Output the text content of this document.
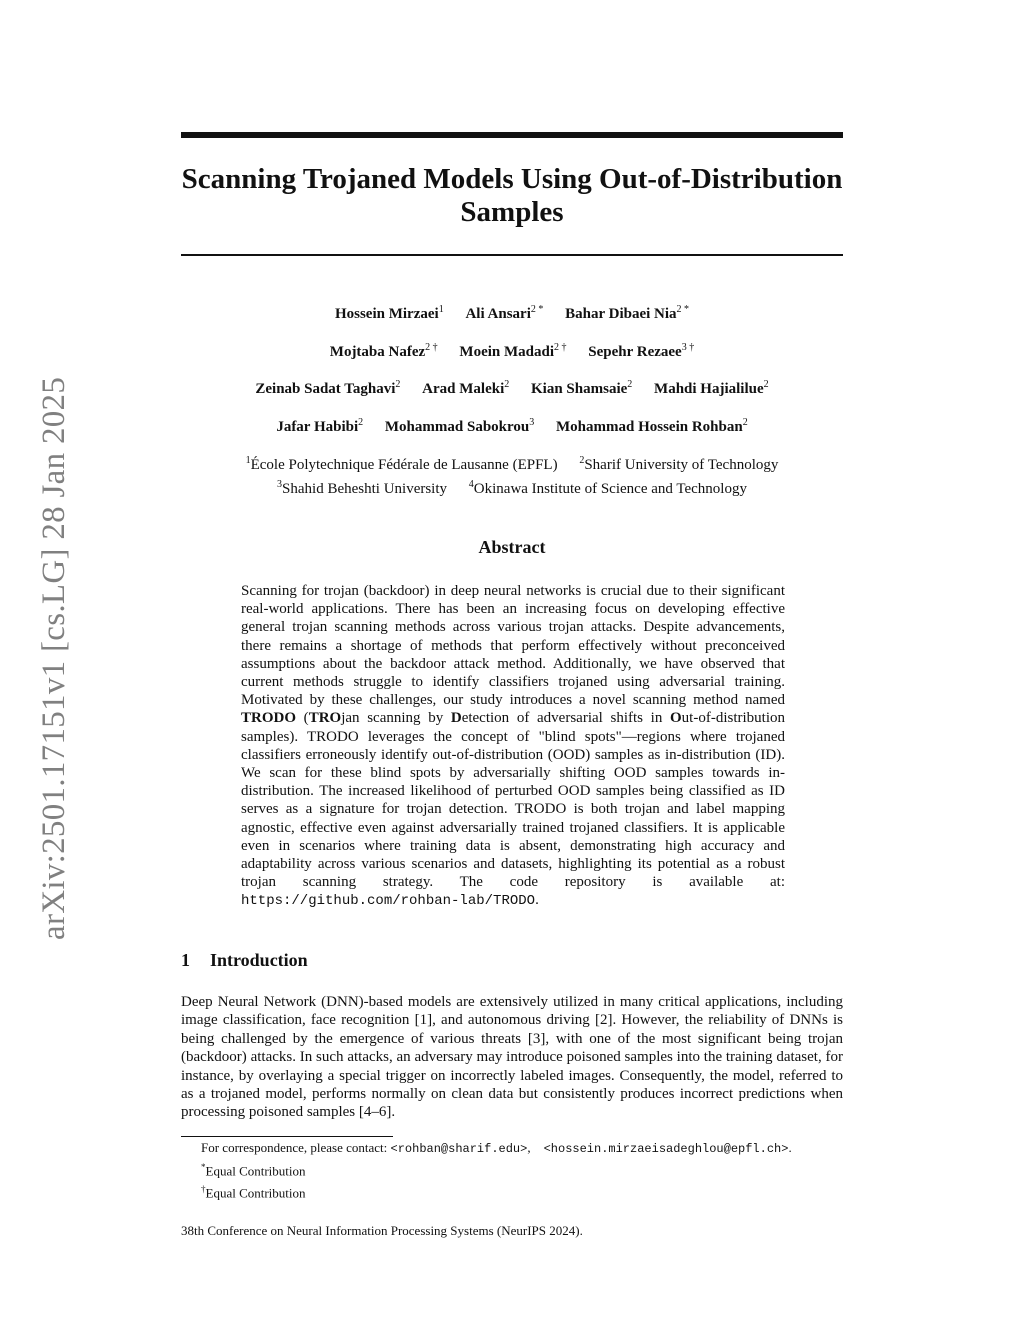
arXiv:2501.17151v1 [cs.LG] 28 Jan 2025
Scanning Trojaned Models Using Out-of-Distribution Samples
Hossein Mirzaei$^1$ Ali Ansari$^{2 *}$ Bahar Dibaei Nia$^{2 *}$
Mojtaba Nafez$^{2 \dagger}$ Moein Madadi$^{2 \dagger}$ Sepehr Rezaee$^{3 \dagger}$
Zeinab Sadat Taghavi$^2$ Arad Maleki$^2$ Kian Shamsaie$^2$ Mahdi Hajialilue$^2$
Jafar Habibi$^2$ Mohammad Sabokrou$^3$ Mohammad Hossein Rohban$^2$
$^1$École Polytechnique Fédérale de Lausanne (EPFL) $^2$Sharif University of Technology
$^3$Shahid Beheshti University $^4$Okinawa Institute of Science and Technology
Abstract
Scanning for trojan (backdoor) in deep neural networks is crucial due to their significant real-world applications. There has been an increasing focus on developing effective general trojan scanning methods across various trojan attacks. Despite advancements, there remains a shortage of methods that perform effectively without preconceived assumptions about the backdoor attack method. Additionally, we have observed that current methods struggle to identify classifiers trojaned using adversarial training. Motivated by these challenges, our study introduces a novel scanning method named TRODO (TROjan scanning by Detection of adversarial shifts in Out-of-distribution samples). TRODO leverages the concept of "blind spots"—regions where trojaned classifiers erroneously identify out-of-distribution (OOD) samples as in-distribution (ID). We scan for these blind spots by adversarially shifting OOD samples towards in-distribution. The increased likelihood of perturbed OOD samples being classified as ID serves as a signature for trojan detection. TRODO is both trojan and label mapping agnostic, effective even against adversarially trained trojaned classifiers. It is applicable even in scenarios where training data is absent, demonstrating high accuracy and adaptability across various scenarios and datasets, highlighting its potential as a robust trojan scanning strategy. The code repository is available at: https://github.com/rohban-lab/TRODO.
1 Introduction
Deep Neural Network (DNN)-based models are extensively utilized in many critical applications, including image classification, face recognition [1], and autonomous driving [2]. However, the reliability of DNNs is being challenged by the emergence of various threats [3], with one of the most significant being trojan (backdoor) attacks. In such attacks, an adversary may introduce poisoned samples into the training dataset, for instance, by overlaying a special trigger on incorrectly labeled images. Consequently, the model, referred to as a trojaned model, performs normally on clean data but consistently produces incorrect predictions when processing poisoned samples [4–6].
For correspondence, please contact: <rohban@sharif.edu>,    <hossein.mirzaeisadeghlou@epfl.ch>.
*Equal Contribution
†Equal Contribution
38th Conference on Neural Information Processing Systems (NeurIPS 2024).
